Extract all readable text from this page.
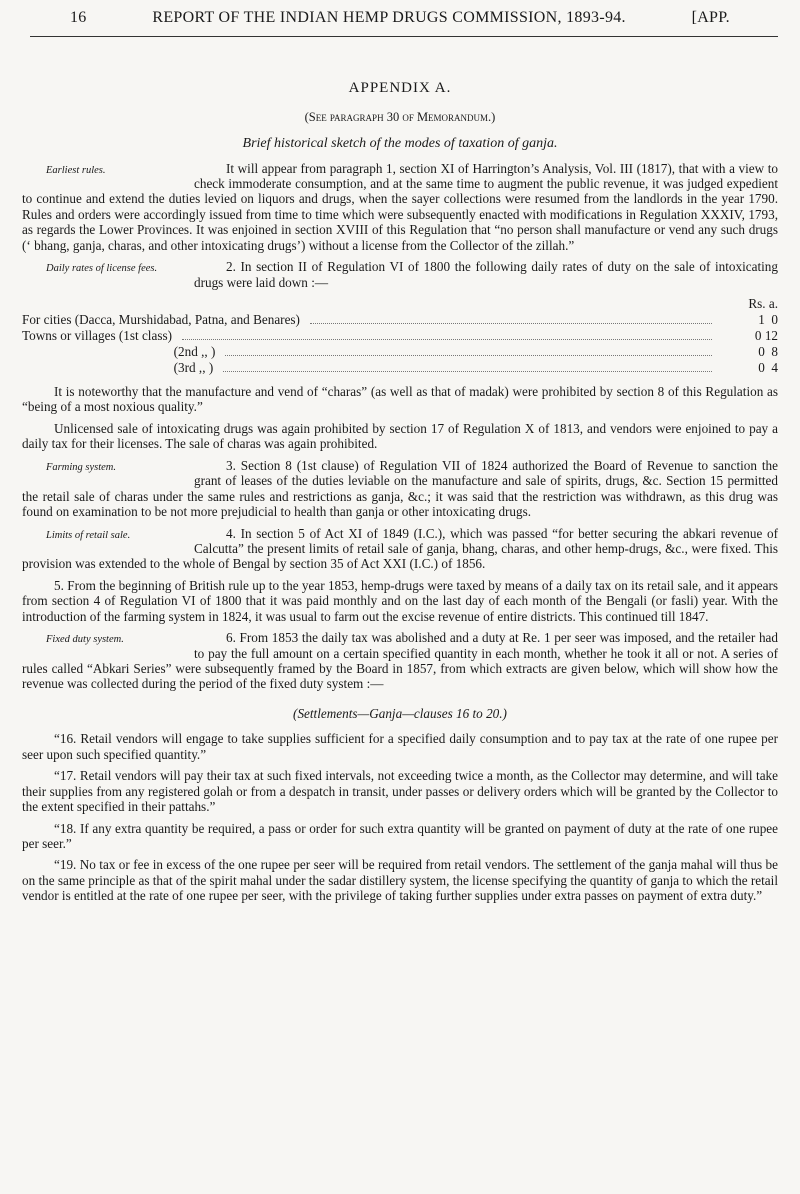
16	REPORT OF THE INDIAN HEMP DRUGS COMMISSION, 1893-94.	[APP.
APPENDIX A.
(See paragraph 30 of Memorandum.)
Brief historical sketch of the modes of taxation of ganja.

Earliest rules.	It will appear from paragraph 1, section XI of Harrington’s Analysis, Vol. III (1817), that with a view to check immoderate consumption, and at the same time to augment the public revenue, it was judged expedient to continue and extend the duties levied on liquors and drugs, when the sayer collections were resumed from the landlords in the year 1790. Rules and orders were accordingly issued from time to time which were subsequently enacted with modifications in Regulation XXXIV, 1793, as regards the Lower Provinces. It was enjoined in section XVIII of this Regulation that “no person shall manufacture or vend any such drugs (‘ bhang, ganja, charas, and other intoxicating drugs’) without a license from the Collector of the zillah.”

Daily rates of license fees.	2. In section II of Regulation VI of 1800 the following daily rates of duty on the sale of intoxicating drugs were laid down :—

Rs. a.
For cities (Dacca, Murshidabad, Patna, and Benares)	1  0
Towns or villages (1st class)	0 12
(2nd ,, )	0  8
(3rd ,, )	0  4

It is noteworthy that the manufacture and vend of “charas” (as well as that of madak) were prohibited by section 8 of this Regulation as “being of a most noxious quality.”

Unlicensed sale of intoxicating drugs was again prohibited by section 17 of Regulation X of 1813, and vendors were enjoined to pay a daily tax for their licenses. The sale of charas was again prohibited.

Farming system.	3. Section 8 (1st clause) of Regulation VII of 1824 authorized the Board of Revenue to sanction the grant of leases of the duties leviable on the manufacture and sale of spirits, drugs, &c. Section 15 permitted the retail sale of charas under the same rules and restrictions as ganja, &c.; it was said that the restriction was withdrawn, as this drug was found on examination to be not more prejudicial to health than ganja or other intoxicating drugs.

Limits of retail sale.	4. In section 5 of Act XI of 1849 (I.C.), which was passed “for better securing the abkari revenue of Calcutta” the present limits of retail sale of ganja, bhang, charas, and other hemp-drugs, &c., were fixed. This provision was extended to the whole of Bengal by section 35 of Act XXI (I.C.) of 1856.

5. From the beginning of British rule up to the year 1853, hemp-drugs were taxed by means of a daily tax on its retail sale, and it appears from section 4 of Regulation VI of 1800 that it was paid monthly and on the last day of each month of the Bengali (or fasli) year. With the introduction of the farming system in 1824, it was usual to farm out the excise revenue of entire districts. This continued till 1847.

Fixed duty system.	6. From 1853 the daily tax was abolished and a duty at Re. 1 per seer was imposed, and the retailer had to pay the full amount on a certain specified quantity in each month, whether he took it all or not. A series of rules called “Abkari Series” were subsequently framed by the Board in 1857, from which extracts are given below, which will show how the revenue was collected during the period of the fixed duty system :—

(Settlements—Ganja—clauses 16 to 20.)

“16. Retail vendors will engage to take supplies sufficient for a specified daily consumption and to pay tax at the rate of one rupee per seer upon such specified quantity.”

“17. Retail vendors will pay their tax at such fixed intervals, not exceeding twice a month, as the Collector may determine, and will take their supplies from any registered golah or from a despatch in transit, under passes or delivery orders which will be granted by the Collector to the extent specified in their pattahs.”

“18. If any extra quantity be required, a pass or order for such extra quantity will be granted on payment of duty at the rate of one rupee per seer.”

“19. No tax or fee in excess of the one rupee per seer will be required from retail vendors. The settlement of the ganja mahal will thus be on the same principle as that of the spirit mahal under the sadar distillery system, the license specifying the quantity of ganja to which the retail vendor is entitled at the rate of one rupee per seer, with the privilege of taking further supplies under extra passes on payment of extra duty.”
